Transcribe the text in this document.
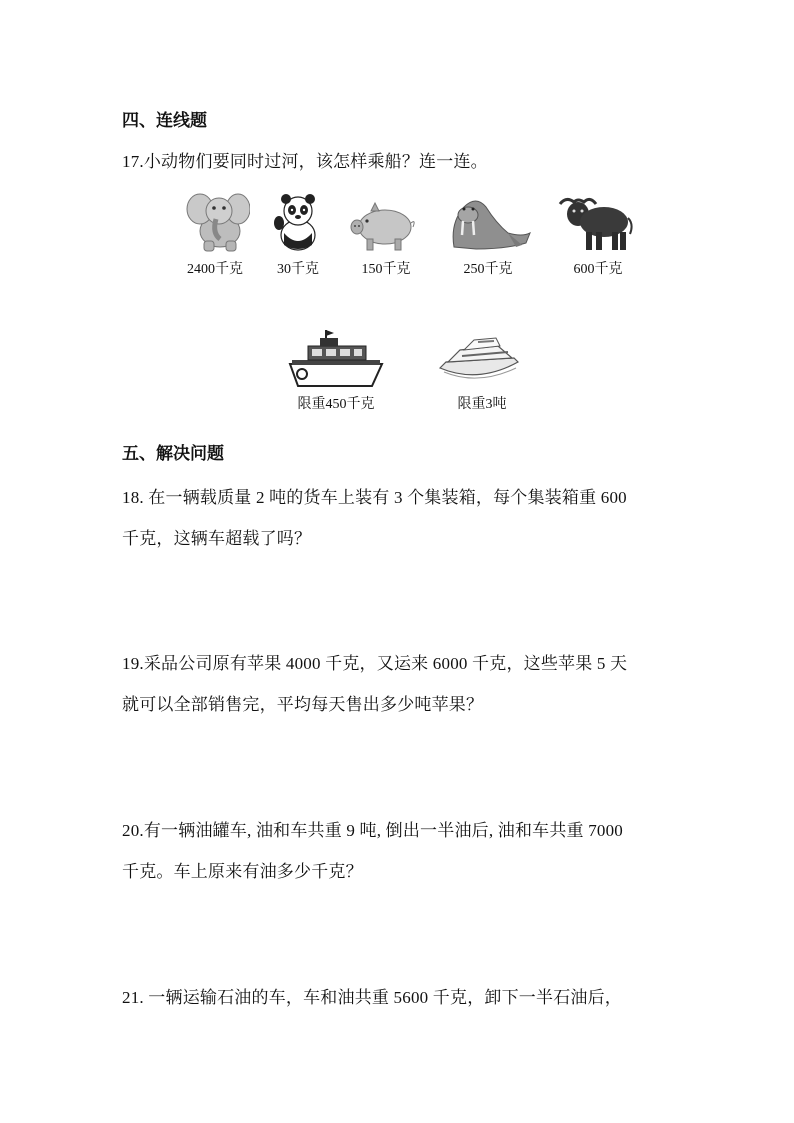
四、连线题
17.小动物们要同时过河，该怎样乘船？连一连。
2400千克	30千克	150千克	250千克	600千克
限重450千克	限重3吨
五、解决问题
18. 在一辆载质量 2 吨的货车上装有 3 个集装箱，每个集装箱重 600
千克，这辆车超载了吗？
19.采品公司原有苹果 4000 千克，又运来 6000 千克，这些苹果 5 天
就可以全部销售完，平均每天售出多少吨苹果？
20.有一辆油罐车, 油和车共重 9 吨, 倒出一半油后, 油和车共重 7000
千克。车上原来有油多少千克？
21. 一辆运输石油的车，车和油共重 5600 千克，卸下一半石油后，
